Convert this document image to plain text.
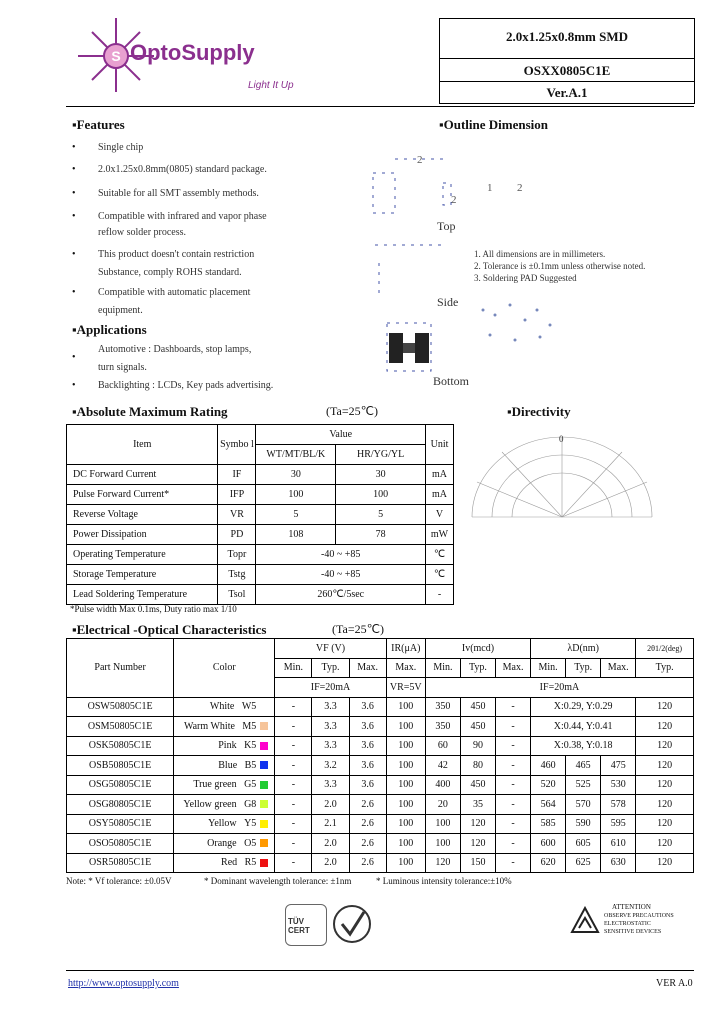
S OptoSupply
Light It Up
2.0x1.25x0.8mm SMD
OSXX0805C1E
Ver.A.1
▪Features
• Single chip
• 2.0x1.25x0.8mm(0805) standard package.
• Suitable for all SMT assembly methods.
• Compatible with infrared and vapor phase
reflow solder process.
• This product doesn't contain restriction
Substance, comply ROHS standard.
• Compatible with automatic placement
equipment.
▪Applications
•
Automotive : Dashboards, stop lamps,
turn signals.
• Backlighting : LCDs, Key pads advertising.
▪Outline Dimension
2
2
1 2
Top
Side
Bottom
1. All dimensions are in millimeters.
2. Tolerance is ±0.1mm unless otherwise noted.
3. Soldering PAD Suggested
▪Directivity
0
▪Absolute Maximum Rating	(Ta=25℃)
Item	Symbo l	Value		Unit
		WT/MT/BL/K	HR/YG/YL	
DC Forward Current	IF	30	30	mA
Pulse Forward Current*	IFP	100	100	mA
Reverse Voltage	VR	5	5	V
Power Dissipation	PD	108	78	mW
Operating Temperature	Topr	-40 ~ +85		℃
Storage Temperature	Tstg	-40 ~ +85		℃
Lead Soldering Temperature	Tsol	260℃/5sec		-
*Pulse width Max 0.1ms, Duty ratio max 1/10
▪Electrical -Optical Characteristics	(Ta=25℃)
Part Number	Color	VF (V)			IR(μA)	Iv(mcd)			λD(nm)			2θ1/2(deg)
		Min.	Typ.	Max.	Max.	Min.	Typ.	Max.	Min.	Typ.	Max.	Typ.
		IF=20mA			VR=5V	IF=20mA						
OSW50805C1E	White W5	-	3.3	3.6	100	350	450	-	X:0.29, Y:0.29			120
OSM50805C1E	Warm White M5	-	3.3	3.6	100	350	450	-	X:0.44, Y:0.41			120
OSK50805C1E	Pink K5	-	3.3	3.6	100	60	90	-	X:0.38, Y:0.18			120
OSB50805C1E	Blue B5	-	3.2	3.6	100	42	80	-	460	465	475	120
OSG50805C1E	True green G5	-	3.3	3.6	100	400	450	-	520	525	530	120
OSG80805C1E	Yellow green G8	-	2.0	2.6	100	20	35	-	564	570	578	120
OSY50805C1E	Yellow Y5	-	2.1	2.6	100	100	120	-	585	590	595	120
OSO50805C1E	Orange O5	-	2.0	2.6	100	100	120	-	600	605	610	120
OSR50805C1E	Red R5	-	2.0	2.6	100	120	150	-	620	625	630	120
Note: * Vf tolerance: ±0.05V	* Dominant wavelength tolerance: ±1nm	* Luminous intensity tolerance:±10%
TÜV CERT
ATTENTION
OBSERVE PRECAUTIONS
ELECTROSTATIC
SENSITIVE DEVICES
http://www.optosupply.com	VER A.0
